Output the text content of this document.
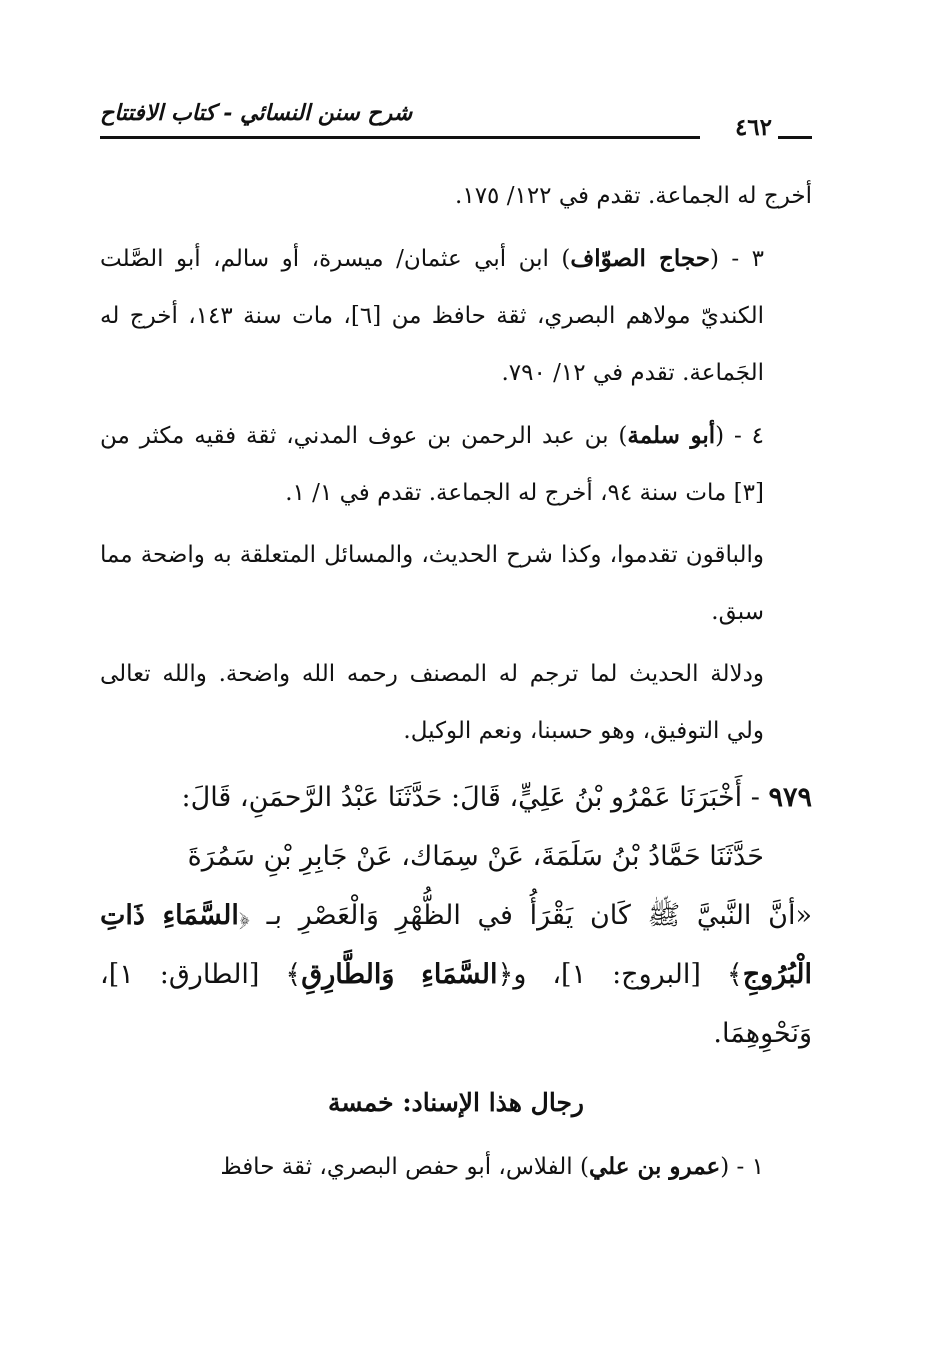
٤٦٢
شرح سنن النسائي - كتاب الافتتاح

أخرج له الجماعة. تقدم في ١٢٢/ ١٧٥.

٣ - (حجاج الصوّاف) ابن أبي عثمان/ ميسرة، أو سالم، أبو الصَّلت الكنديّ مولاهم البصري، ثقة حافظ من [٦]، مات سنة ١٤٣، أخرج له الجَماعة. تقدم في ١٢/ ٧٩٠.

٤ - (أبو سلمة) بن عبد الرحمن بن عوف المدني، ثقة فقيه مكثر من [٣] مات سنة ٩٤، أخرج له الجماعة. تقدم في ١/ ١.

والباقون تقدموا، وكذا شرح الحديث، والمسائل المتعلقة به واضحة مما سبق.

ودلالة الحديث لما ترجم له المصنف رحمه الله واضحة. والله تعالى ولي التوفيق، وهو حسبنا، ونعم الوكيل.

٩٧٩ - أَخْبَرَنَا عَمْرُو بْنُ عَلِيٍّ، قَالَ: حَدَّثَنَا عَبْدُ الرَّحمَنِ، قَالَ:
حَدَّثَنَا حَمَّادُ بْنُ سَلَمَةَ، عَنْ سِمَاك، عَنْ جَابِرِ بْنِ سَمُرَةَ
«أنَّ النَّبيَّ ﷺ كَان يَقْرَأُ في الظُّهْرِ وَالْعَصْرِ بـ ﴿السَّمَاءِ ذَاتِ الْبُرُوجِ﴾ [البروج: ١]، و﴿السَّمَاءِ وَالطَّارِقِ﴾ [الطارق: ١]، وَنَحْوِهِمَا.

رجال هذا الإسناد: خمسة

١ - (عمرو بن علي) الفلاس، أبو حفص البصري، ثقة حافظ
